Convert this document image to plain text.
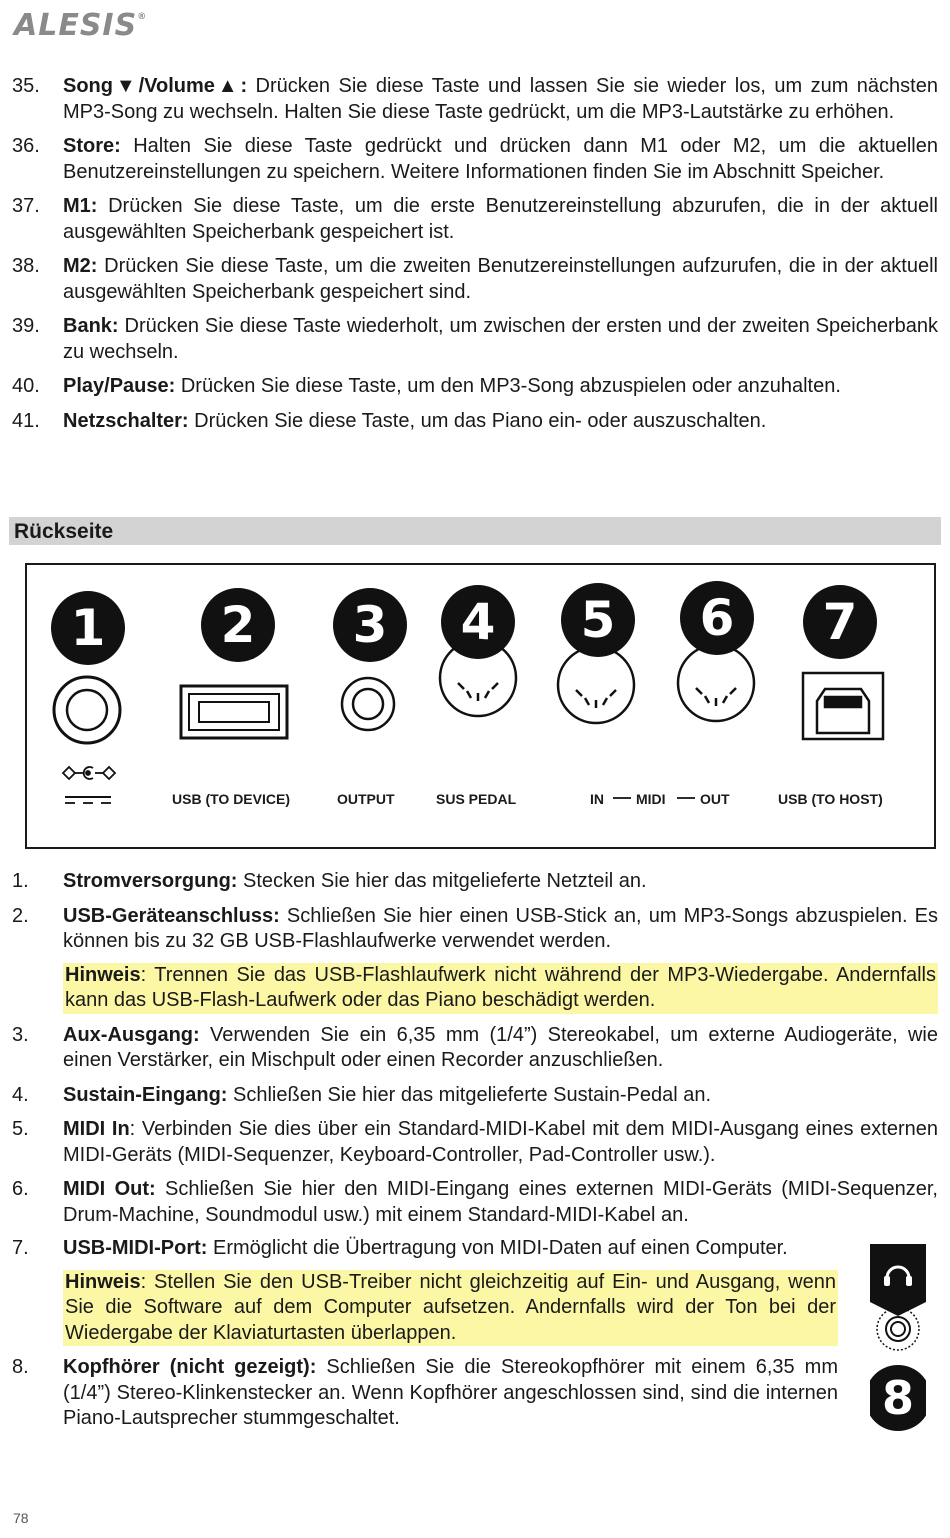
ALESIS®
35. Song▼/Volume▲: Drücken Sie diese Taste und lassen Sie sie wieder los, um zum nächsten MP3-Song zu wechseln. Halten Sie diese Taste gedrückt, um die MP3-Lautstärke zu erhöhen.
36. Store: Halten Sie diese Taste gedrückt und drücken dann M1 oder M2, um die aktuellen Benutzereinstellungen zu speichern. Weitere Informationen finden Sie im Abschnitt Speicher.
37. M1: Drücken Sie diese Taste, um die erste Benutzereinstellung abzurufen, die in der aktuell ausgewählten Speicherbank gespeichert ist.
38. M2: Drücken Sie diese Taste, um die zweiten Benutzereinstellungen aufzurufen, die in der aktuell ausgewählten Speicherbank gespeichert sind.
39. Bank: Drücken Sie diese Taste wiederholt, um zwischen der ersten und der zweiten Speicherbank zu wechseln.
40. Play/Pause: Drücken Sie diese Taste, um den MP3-Song abzuspielen oder anzuhalten.
41. Netzschalter: Drücken Sie diese Taste, um das Piano ein- oder auszuschalten.
Rückseite
1	2	3	4	5	6	7
USB (TO DEVICE)	OUTPUT	SUS PEDAL	IN MIDI OUT	USB (TO HOST)
1. Stromversorgung: Stecken Sie hier das mitgelieferte Netzteil an.
2. USB-Geräteanschluss: Schließen Sie hier einen USB-Stick an, um MP3-Songs abzuspielen. Es können bis zu 32 GB USB-Flashlaufwerke verwendet werden.
Hinweis: Trennen Sie das USB-Flashlaufwerk nicht während der MP3-Wiedergabe. Andernfalls kann das USB-Flash-Laufwerk oder das Piano beschädigt werden.
3. Aux-Ausgang: Verwenden Sie ein 6,35 mm (1/4”) Stereokabel, um externe Audiogeräte, wie einen Verstärker, ein Mischpult oder einen Recorder anzuschließen.
4. Sustain-Eingang: Schließen Sie hier das mitgelieferte Sustain-Pedal an.
5. MIDI In: Verbinden Sie dies über ein Standard-MIDI-Kabel mit dem MIDI-Ausgang eines externen MIDI-Geräts (MIDI-Sequenzer, Keyboard-Controller, Pad-Controller usw.).
6. MIDI Out: Schließen Sie hier den MIDI-Eingang eines externen MIDI-Geräts (MIDI-Sequenzer, Drum-Machine, Soundmodul usw.) mit einem Standard-MIDI-Kabel an.
7. USB-MIDI-Port: Ermöglicht die Übertragung von MIDI-Daten auf einen Computer.
Hinweis: Stellen Sie den USB-Treiber nicht gleichzeitig auf Ein- und Ausgang, wenn Sie die Software auf dem Computer aufsetzen. Andernfalls wird der Ton bei der Wiedergabe der Klaviaturtasten überlappen.
8. Kopfhörer (nicht gezeigt): Schließen Sie die Stereokopfhörer mit einem 6,35 mm (1/4”) Stereo-Klinkenstecker an. Wenn Kopfhörer angeschlossen sind, sind die internen Piano-Lautsprecher stummgeschaltet.	8
78
